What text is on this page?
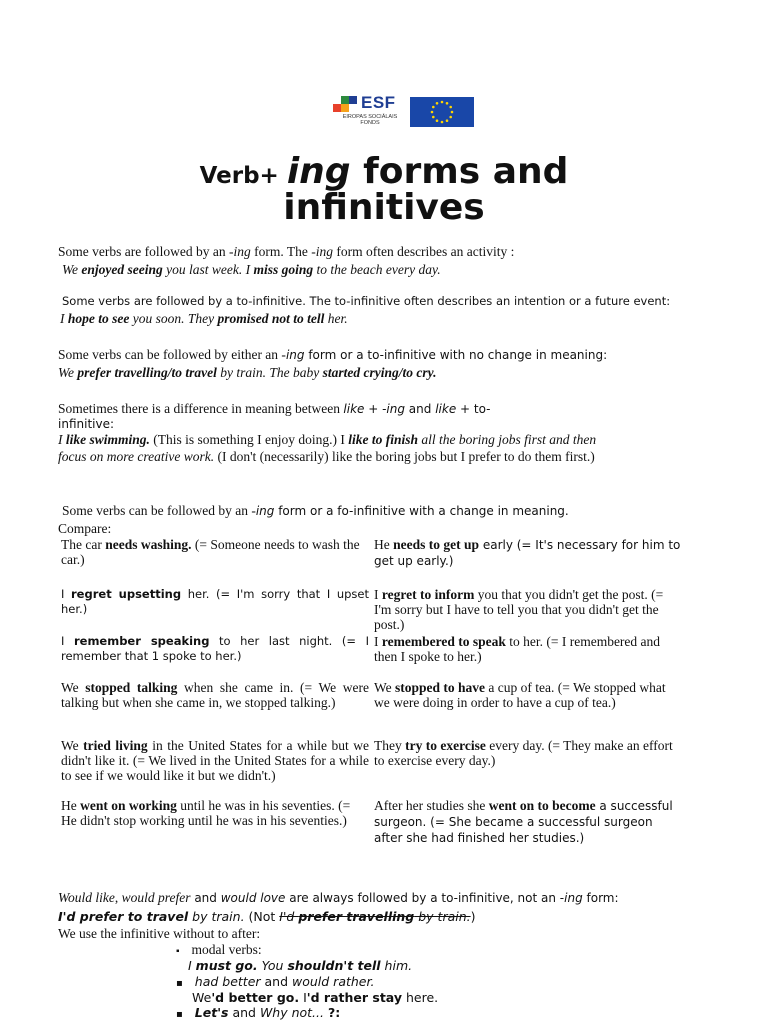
ESF
EIROPAS SOCIĀLAIS FONDS
Verb+ ing forms and
infinitives
Some verbs are followed by an -ing form. The -ing form often describes an activity :
We enjoyed seeing you last week. I miss going to the beach every day.
Some verbs are followed by a to-infinitive. The to-infinitive often describes an intention or a future event:
I hope to see you soon. They promised not to tell her.
Some verbs can be followed by either an -ing form or a to-infinitive with no change in meaning:
We prefer travelling/to travel by train. The baby started crying/to cry.
Sometimes there is a difference in meaning between like + -ing and like + to-
infinitive:
I like swimming. (This is something I enjoy doing.) I like to finish all the boring jobs first and then
focus on more creative work. (I don't (necessarily) like the boring jobs but I prefer to do them first.)
Some verbs can be followed by an -ing form or a fo-infinitive with a change in meaning.
Compare:
The car needs washing. (= Someone needs to wash the car.)
He needs to get up early (= It's necessary for him to get up early.)
I regret upsetting her. (= I'm sorry that I upset her.)
I regret to inform you that you didn't get the post. (= I'm sorry but I have to tell you that you didn't get the post.)
I remember speaking to her last night. (= I remember that 1 spoke to her.)
I remembered to speak to her. (= I remembered and then I spoke to her.)
We stopped talking when she came in. (= We were talking but when she came in, we stopped talking.)
We stopped to have a cup of tea. (= We stopped what we were doing in order to have a cup of tea.)
We tried living in the United States for a while but we didn't like it. (= We lived in the United States for a while to see if we would like it but we didn't.)
They try to exercise every day. (= They make an effort to exercise every day.)
He went on working until he was in his seventies. (= He didn't stop working until he was in his seventies.)
After her studies she went on to become a successful surgeon. (= She became a successful surgeon after she had finished her studies.)
Would like, would prefer and would love are always followed by a to-infinitive, not an -ing form:
I'd prefer to travel by train. (Not I'd prefer travelling by train.)
We use the infinitive without to after:
▪ modal verbs:
I must go. You shouldn't tell him.
▪ had better and would rather.
We'd better go. I'd rather stay here.
▪ Let's and Why not... ?:
